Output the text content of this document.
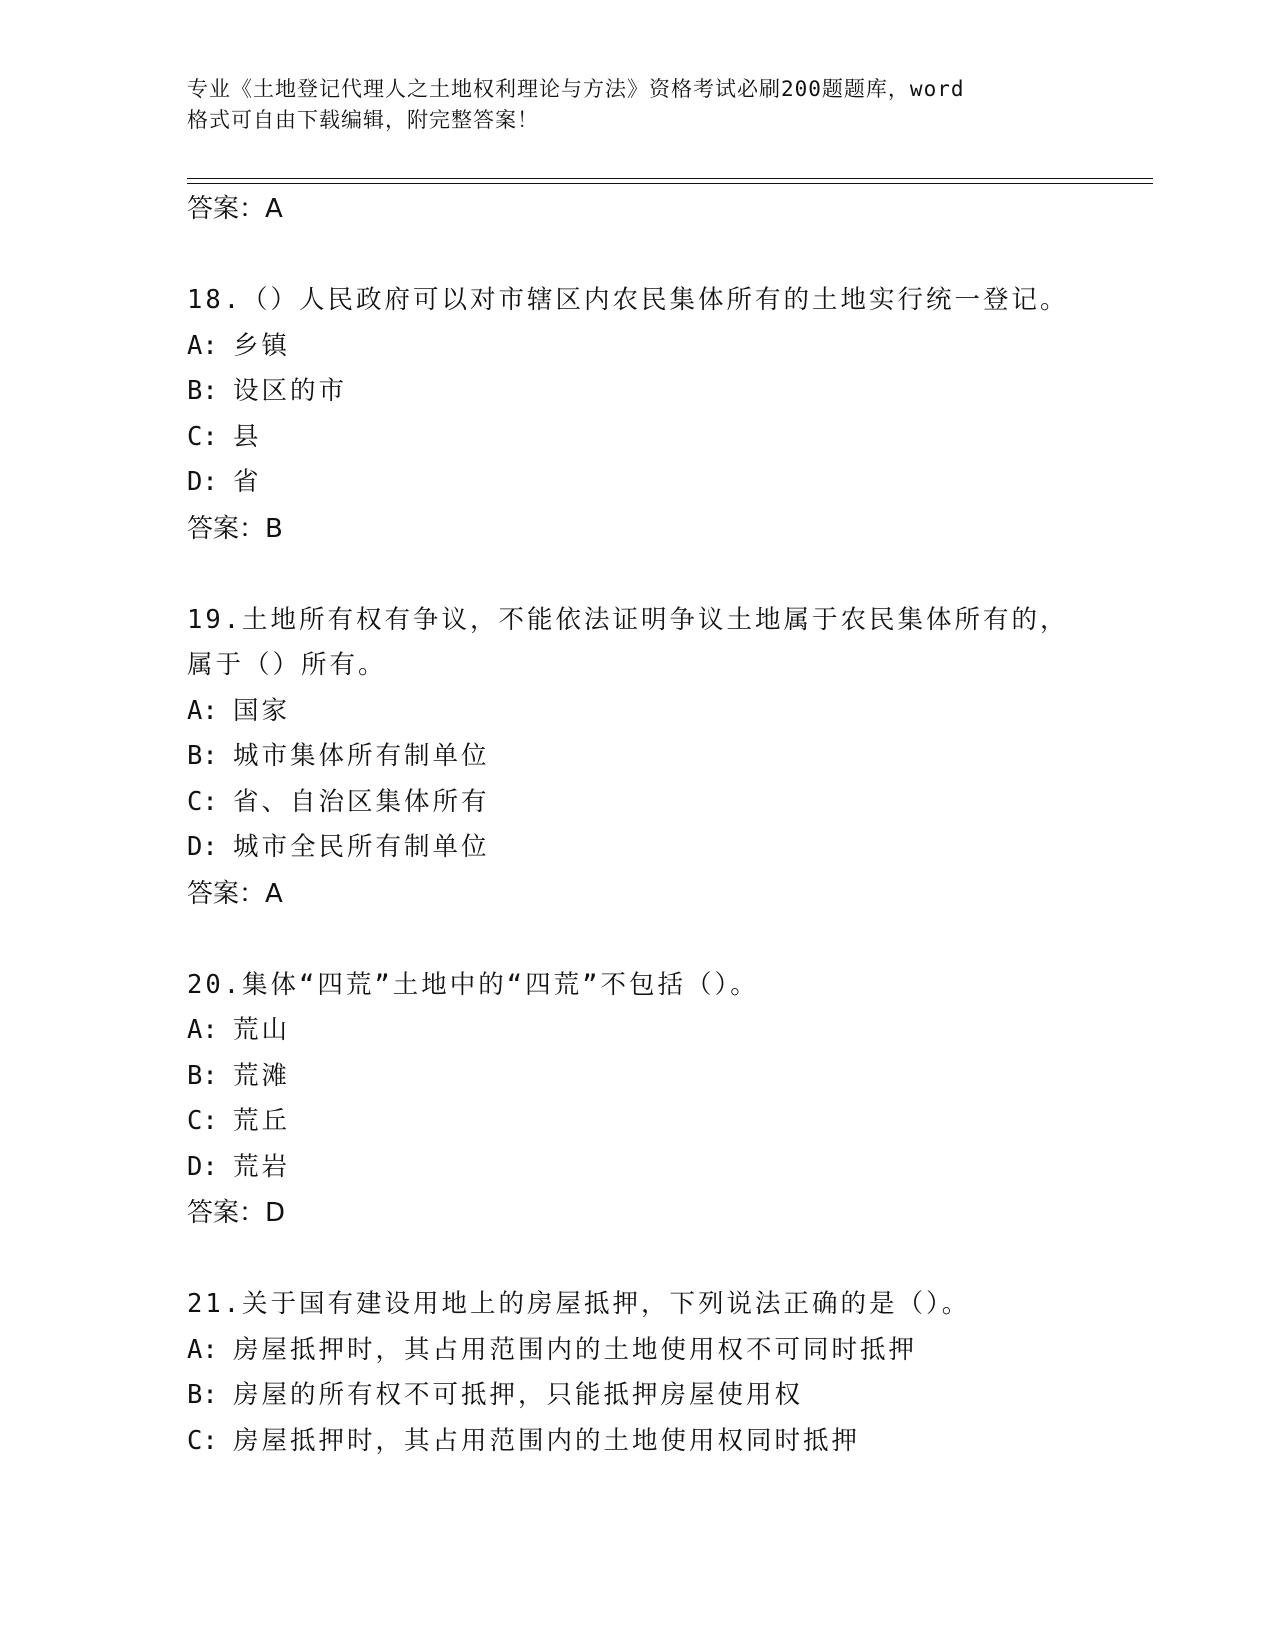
专业《土地登记代理人之土地权利理论与方法》资格考试必刷200题题库，word
格式可自由下载编辑，附完整答案！
答案：A
18.（）人民政府可以对市辖区内农民集体所有的土地实行统一登记。
A: 乡镇
B: 设区的市
C: 县
D: 省
答案：B
19.土地所有权有争议，不能依法证明争议土地属于农民集体所有的，
属于（）所有。
A: 国家
B: 城市集体所有制单位
C: 省、自治区集体所有
D: 城市全民所有制单位
答案：A
20.集体“四荒”土地中的“四荒”不包括（）。
A: 荒山
B: 荒滩
C: 荒丘
D: 荒岩
答案：D
21.关于国有建设用地上的房屋抵押，下列说法正确的是（）。
A: 房屋抵押时，其占用范围内的土地使用权不可同时抵押
B: 房屋的所有权不可抵押，只能抵押房屋使用权
C: 房屋抵押时，其占用范围内的土地使用权同时抵押
